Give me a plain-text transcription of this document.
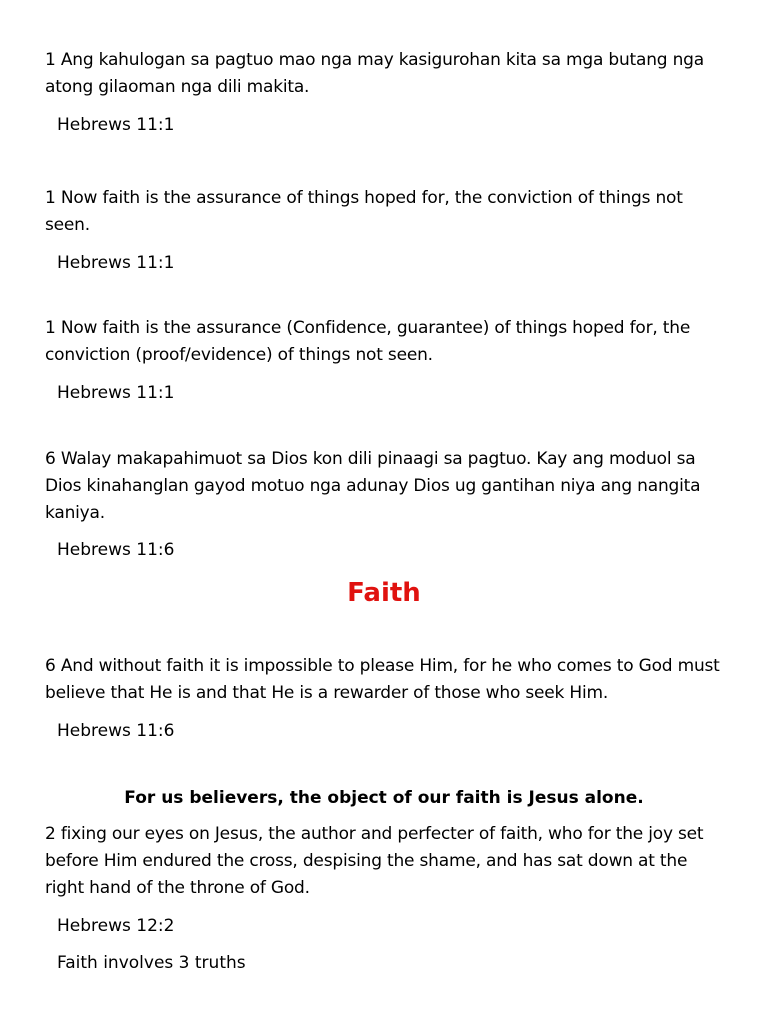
1 Ang kahulogan sa pagtuo mao nga may kasigurohan kita sa mga butang nga atong gilaoman nga dili makita.

Hebrews 11:1

1 Now faith is the assurance of things hoped for, the conviction of things not seen.

Hebrews 11:1

1 Now faith is the assurance (Confidence, guarantee) of things hoped for, the conviction (proof/evidence) of things not seen.

Hebrews 11:1

6 Walay makapahimuot sa Dios kon dili pinaagi sa pagtuo. Kay ang moduol sa Dios kinahanglan gayod motuo nga adunay Dios ug gantihan niya ang nangita kaniya.

Hebrews 11:6

Faith

6 And without faith it is impossible to please Him, for he who comes to God must believe that He is and that He is a rewarder of those who seek Him.

Hebrews 11:6

For us believers, the object of our faith is Jesus alone.

2 fixing our eyes on Jesus, the author and perfecter of faith, who for the joy set before Him endured the cross, despising the shame, and has sat down at the right hand of the throne of God.

Hebrews 12:2

Faith involves 3 truths
